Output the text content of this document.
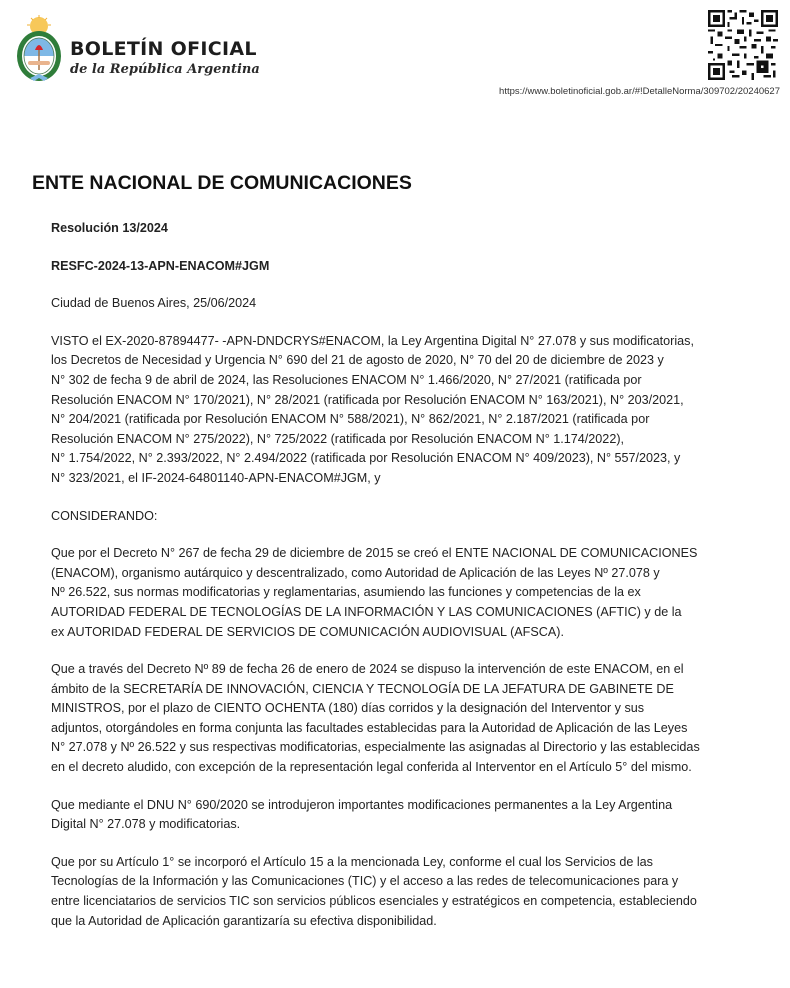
BOLETÍN OFICIAL
de la República Argentina
https://www.boletinoficial.gob.ar/#!DetalleNorma/309702/20240627
ENTE NACIONAL DE COMUNICACIONES

Resolución 13/2024

RESFC-2024-13-APN-ENACOM#JGM

Ciudad de Buenos Aires, 25/06/2024

VISTO el EX-2020-87894477- -APN-DNDCRYS#ENACOM, la Ley Argentina Digital N° 27.078 y sus modificatorias,
los Decretos de Necesidad y Urgencia N° 690 del 21 de agosto de 2020, N° 70 del 20 de diciembre de 2023 y
N° 302 de fecha 9 de abril de 2024, las Resoluciones ENACOM N° 1.466/2020, N° 27/2021 (ratificada por
Resolución ENACOM N° 170/2021), N° 28/2021 (ratificada por Resolución ENACOM N° 163/2021), N° 203/2021,
N° 204/2021 (ratificada por Resolución ENACOM N° 588/2021), N° 862/2021, N° 2.187/2021 (ratificada por
Resolución ENACOM N° 275/2022), N° 725/2022 (ratificada por Resolución ENACOM N° 1.174/2022),
N° 1.754/2022, N° 2.393/2022, N° 2.494/2022 (ratificada por Resolución ENACOM N° 409/2023), N° 557/2023, y
N° 323/2021, el IF-2024-64801140-APN-ENACOM#JGM, y

CONSIDERANDO:

Que por el Decreto N° 267 de fecha 29 de diciembre de 2015 se creó el ENTE NACIONAL DE COMUNICACIONES
(ENACOM), organismo autárquico y descentralizado, como Autoridad de Aplicación de las Leyes Nº 27.078 y
Nº 26.522, sus normas modificatorias y reglamentarias, asumiendo las funciones y competencias de la ex
AUTORIDAD FEDERAL DE TECNOLOGÍAS DE LA INFORMACIÓN Y LAS COMUNICACIONES (AFTIC) y de la
ex AUTORIDAD FEDERAL DE SERVICIOS DE COMUNICACIÓN AUDIOVISUAL (AFSCA).

Que a través del Decreto Nº 89 de fecha 26 de enero de 2024 se dispuso la intervención de este ENACOM, en el
ámbito de la SECRETARÍA DE INNOVACIÓN, CIENCIA Y TECNOLOGÍA DE LA JEFATURA DE GABINETE DE
MINISTROS, por el plazo de CIENTO OCHENTA (180) días corridos y la designación del Interventor y sus
adjuntos, otorgándoles en forma conjunta las facultades establecidas para la Autoridad de Aplicación de las Leyes
N° 27.078 y Nº 26.522 y sus respectivas modificatorias, especialmente las asignadas al Directorio y las establecidas
en el decreto aludido, con excepción de la representación legal conferida al Interventor en el Artículo 5° del mismo.

Que mediante el DNU N° 690/2020 se introdujeron importantes modificaciones permanentes a la Ley Argentina
Digital N° 27.078 y modificatorias.

Que por su Artículo 1° se incorporó el Artículo 15 a la mencionada Ley, conforme el cual los Servicios de las
Tecnologías de la Información y las Comunicaciones (TIC) y el acceso a las redes de telecomunicaciones para y
entre licenciatarios de servicios TIC son servicios públicos esenciales y estratégicos en competencia, estableciendo
que la Autoridad de Aplicación garantizaría su efectiva disponibilidad.
